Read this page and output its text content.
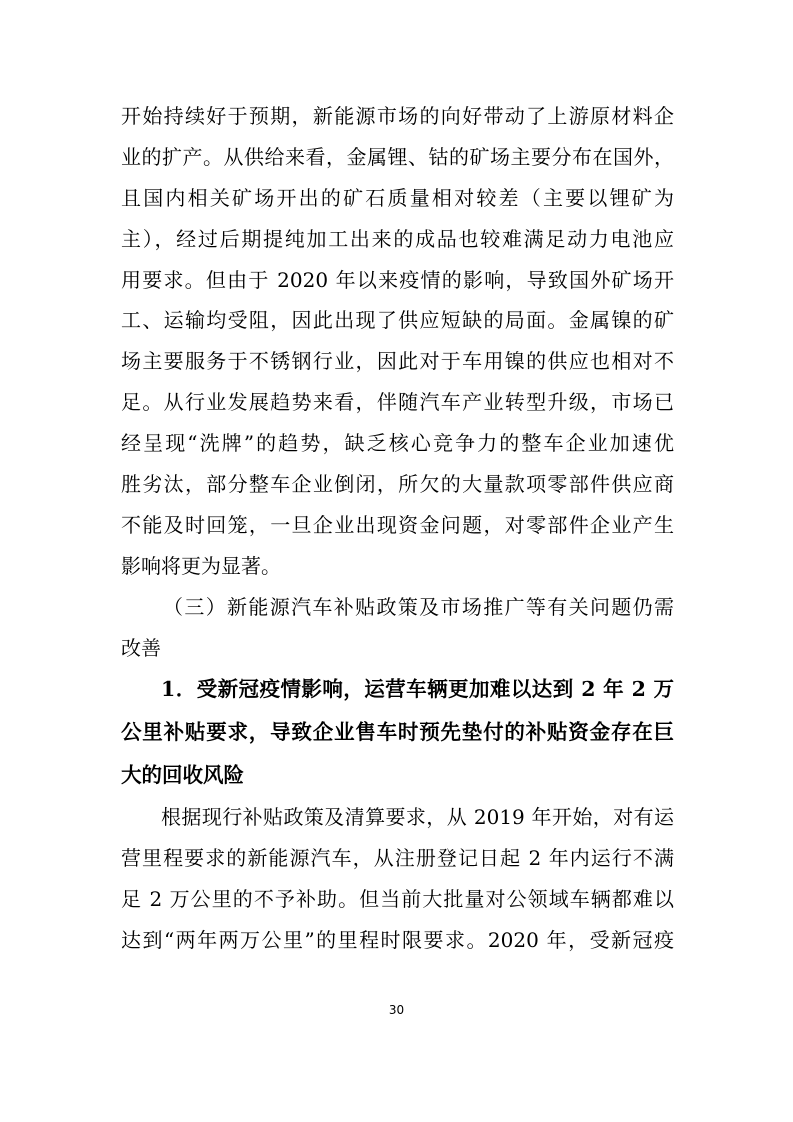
开始持续好于预期，新能源市场的向好带动了上游原材料企
业的扩产。从供给来看，金属锂、钴的矿场主要分布在国外，
且国内相关矿场开出的矿石质量相对较差（主要以锂矿为
主），经过后期提纯加工出来的成品也较难满足动力电池应
用要求。但由于 2020 年以来疫情的影响，导致国外矿场开
工、运输均受阻，因此出现了供应短缺的局面。金属镍的矿
场主要服务于不锈钢行业，因此对于车用镍的供应也相对不
足。从行业发展趋势来看，伴随汽车产业转型升级，市场已
经呈现“洗牌”的趋势，缺乏核心竞争力的整车企业加速优
胜劣汰，部分整车企业倒闭，所欠的大量款项零部件供应商
不能及时回笼，一旦企业出现资金问题，对零部件企业产生
影响将更为显著。
（三）新能源汽车补贴政策及市场推广等有关问题仍需
改善
1．受新冠疫情影响，运营车辆更加难以达到 2 年 2 万
公里补贴要求，导致企业售车时预先垫付的补贴资金存在巨
大的回收风险
根据现行补贴政策及清算要求，从 2019 年开始，对有运
营里程要求的新能源汽车，从注册登记日起 2 年内运行不满
足 2 万公里的不予补助。但当前大批量对公领域车辆都难以
达到“两年两万公里”的里程时限要求。2020 年，受新冠疫
30
